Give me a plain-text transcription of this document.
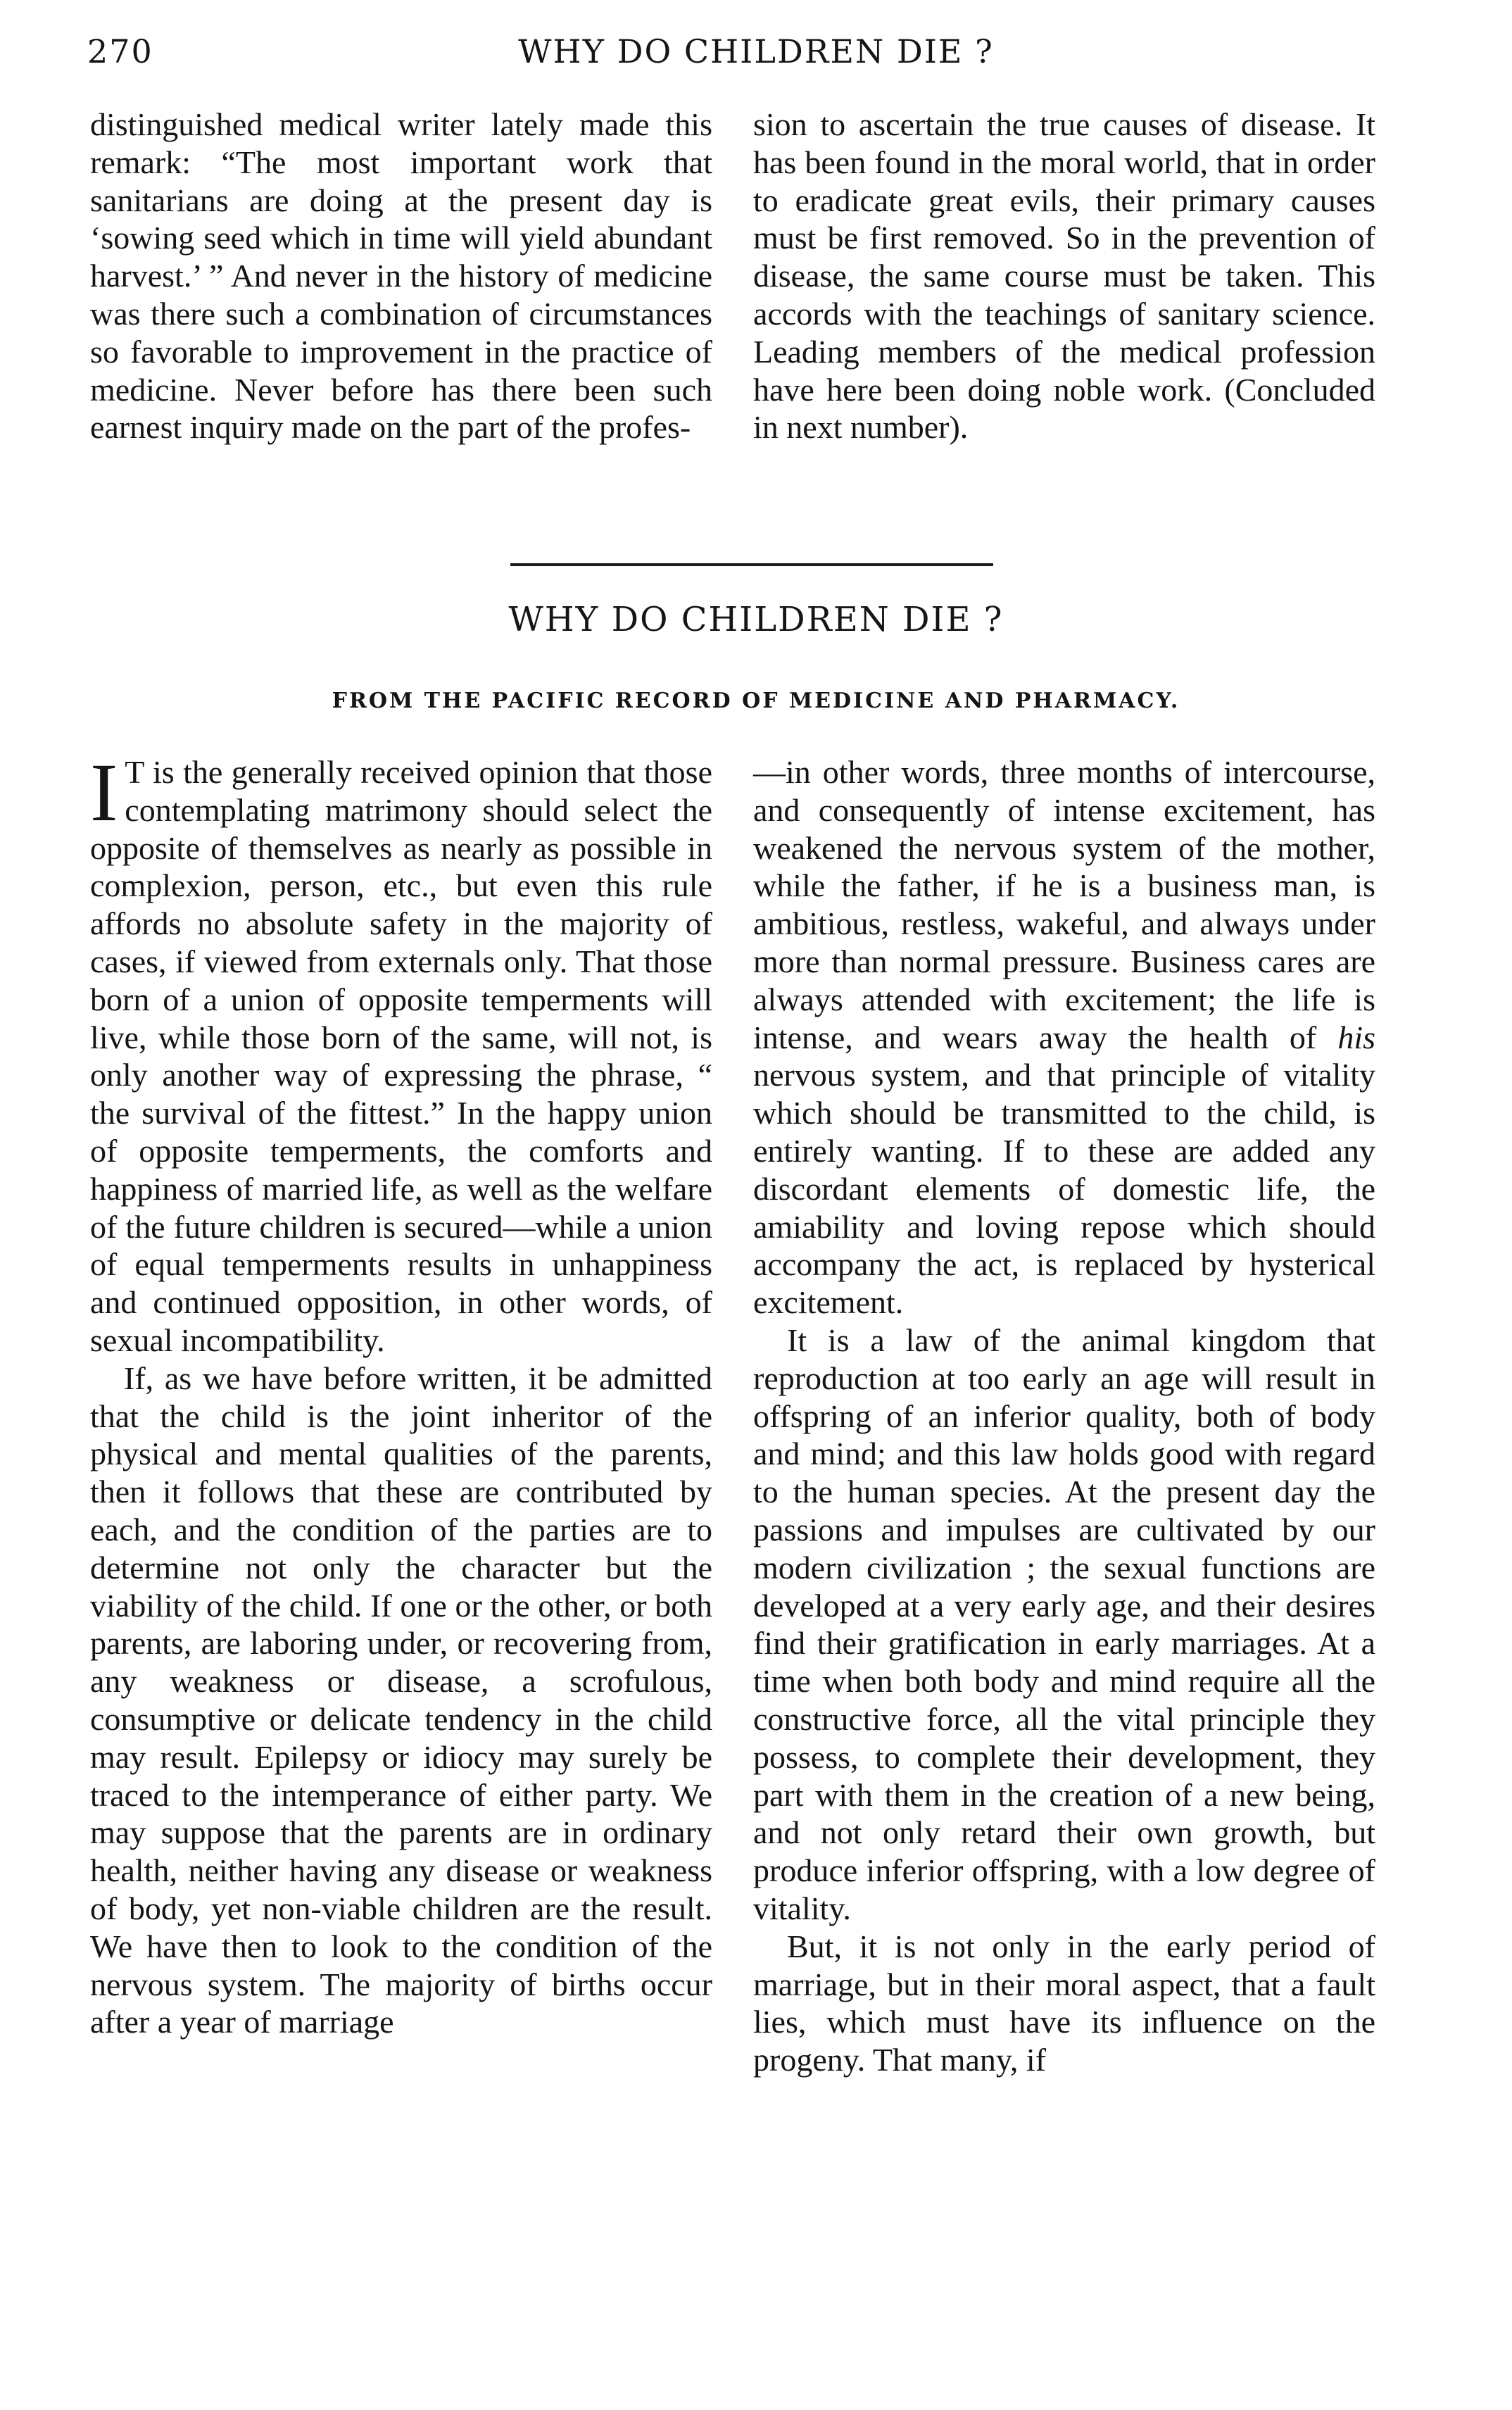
270	WHY DO CHILDREN DIE ?

distinguished medical writer lately made this remark: “The most important work that sanitarians are doing at the present day is ‘sowing seed which in time will yield abundant harvest.’ ” And never in the history of medicine was there such a combination of circumstances so favorable to improvement in the practice of medicine. Never before has there been such earnest inquiry made on the part of the profes-

sion to ascertain the true causes of disease. It has been found in the moral world, that in order to eradicate great evils, their primary causes must be first removed. So in the prevention of disease, the same course must be taken. This accords with the teachings of sanitary science. Leading members of the medical profession have here been doing noble work. (Concluded in next number).

WHY DO CHILDREN DIE ?
FROM THE PACIFIC RECORD OF MEDICINE AND PHARMACY.

I T is the generally received opinion that those contemplating matrimony should select the opposite of themselves as nearly as possible in complexion, person, etc., but even this rule affords no absolute safety in the majority of cases, if viewed from externals only. That those born of a union of opposite temperments will live, while those born of the same, will not, is only another way of expressing the phrase, “ the survival of the fittest.” In the happy union of opposite temperments, the comforts and happiness of married life, as well as the welfare of the future children is secured—while a union of equal temperments results in unhappiness and continued opposition, in other words, of sexual incompatibility.

If, as we have before written, it be admitted that the child is the joint inheritor of the physical and mental qualities of the parents, then it follows that these are contributed by each, and the condition of the parties are to determine not only the character but the viability of the child. If one or the other, or both parents, are laboring under, or recovering from, any weakness or disease, a scrofulous, consumptive or delicate tendency in the child may result. Epilepsy or idiocy may surely be traced to the intemperance of either party. We may suppose that the parents are in ordinary health, neither having any disease or weakness of body, yet non-viable children are the result. We have then to look to the condition of the nervous system. The majority of births occur after a year of marriage

—in other words, three months of intercourse, and consequently of intense excitement, has weakened the nervous system of the mother, while the father, if he is a business man, is ambitious, restless, wakeful, and always under more than normal pressure. Business cares are always attended with excitement; the life is intense, and wears away the health of his nervous system, and that principle of vitality which should be transmitted to the child, is entirely wanting. If to these are added any discordant elements of domestic life, the amiability and loving repose which should accompany the act, is replaced by hysterical excitement.

It is a law of the animal kingdom that reproduction at too early an age will result in offspring of an inferior quality, both of body and mind; and this law holds good with regard to the human species. At the present day the passions and impulses are cultivated by our modern civilization ; the sexual functions are developed at a very early age, and their desires find their gratification in early marriages. At a time when both body and mind require all the constructive force, all the vital principle they possess, to complete their development, they part with them in the creation of a new being, and not only retard their own growth, but produce inferior offspring, with a low degree of vitality.

But, it is not only in the early period of marriage, but in their moral aspect, that a fault lies, which must have its influence on the progeny. That many, if
